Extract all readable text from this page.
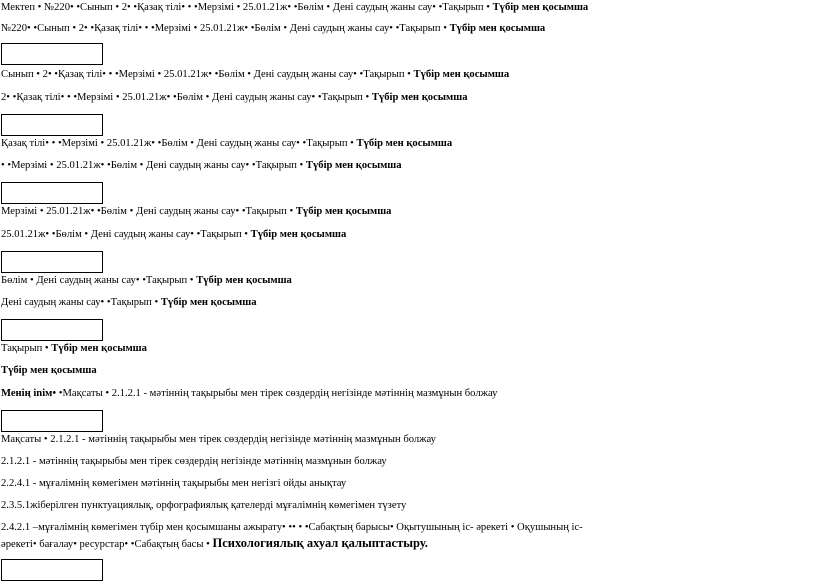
Мектеп • №220• •Сынып • 2• •Қазақ тілі• • •Мерзімі • 25.01.21ж• •Бөлім • Дені саудың жаны сау• •Тақырып • Түбір мен қосымша
№220• •Сынып • 2• •Қазақ тілі• • •Мерзімі • 25.01.21ж• •Бөлім • Дені саудың жаны сау• •Тақырып • Түбір мен қосымша
Сынып • 2• •Қазақ тілі• • •Мерзімі • 25.01.21ж• •Бөлім • Дені саудың жаны сау• •Тақырып • Түбір мен қосымша
2• •Қазақ тілі• • •Мерзімі • 25.01.21ж• •Бөлім • Дені саудың жаны сау• •Тақырып • Түбір мен қосымша
Қазақ тілі• • •Мерзімі • 25.01.21ж• •Бөлім • Дені саудың жаны сау• •Тақырып • Түбір мен қосымша
• •Мерзімі • 25.01.21ж• •Бөлім • Дені саудың жаны сау• •Тақырып • Түбір мен қосымша
Мерзімі • 25.01.21ж• •Бөлім • Дені саудың жаны сау• •Тақырып • Түбір мен қосымша
25.01.21ж• •Бөлім • Дені саудың жаны сау• •Тақырып • Түбір мен қосымша
Бөлім • Дені саудың жаны сау• •Тақырып • Түбір мен қосымша
Дені саудың жаны сау• •Тақырып • Түбір мен қосымша
Тақырып • Түбір мен қосымша
Түбір мен қосымша
Менің іnім• •Мақсаты • 2.1.2.1 - мәтіннің тақырыбы мен тірек сөздердің негізінде мәтіннің мазмұнын болжау
Мақсаты • 2.1.2.1 - мәтіннің тақырыбы мен тірек сөздердің негізінде мәтіннің мазмұнын болжау
2.1.2.1 - мәтіннің тақырыбы мен тірек сөздердің негізінде мәтіннің мазмұнын болжау
2.2.4.1 - мұғалімнің көмегімен мәтіннің тақырыбы мен негізгі ойды анықтау
2.3.5.1жіберілген пунктуациялық, орфографиялық қателерді мұғалімнің көмегімен түзету
2.4.2.1 –мұғалімнің көмегімен түбір мен қосымшаны ажырату• •• • •Сабақтың барысы• Оқытушының іс- әрекеті • Оқушының іс-
әрекеті• бағалау• ресурстар• •Сабақтың басы • Психологиялық ахуал қалыптастыру.
